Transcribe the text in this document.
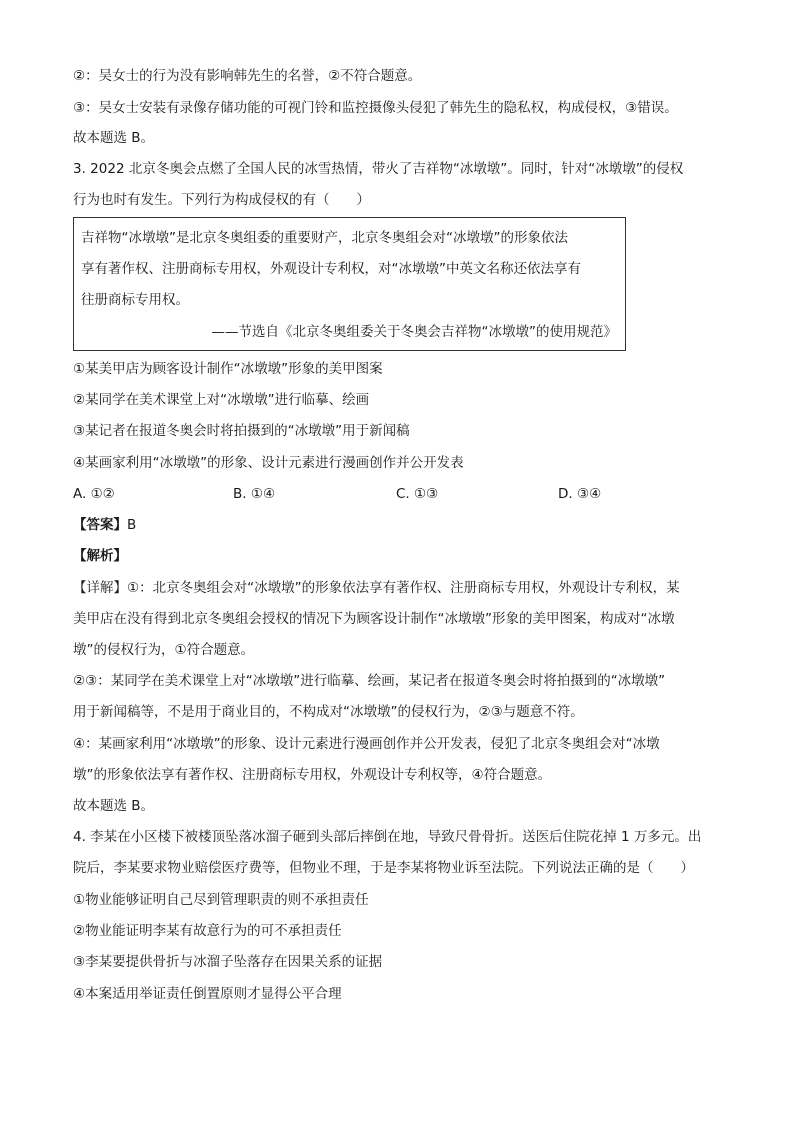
②：吴女士的行为没有影响韩先生的名誉，②不符合题意。
③：吴女士安装有录像存储功能的可视门铃和监控摄像头侵犯了韩先生的隐私权，构成侵权，③错误。
故本题选 B。
3. 2022 北京冬奥会点燃了全国人民的冰雪热情，带火了吉祥物“冰墩墩”。同时，针对“冰墩墩”的侵权
行为也时有发生。下列行为构成侵权的有（　　）
吉祥物“冰墩墩”是北京冬奥组委的重要财产，北京冬奥组会对“冰墩墩”的形象依法
享有著作权、注册商标专用权，外观设计专利权，对“冰墩墩”中英文名称还依法享有
往册商标专用权。
——节选自《北京冬奥组委关于冬奥会吉祥物“冰墩墩”的使用规范》
①某美甲店为顾客设计制作“冰墩墩”形象的美甲图案
②某同学在美术课堂上对“冰墩墩”进行临摹、绘画
③某记者在报道冬奥会时将拍摄到的“冰墩墩”用于新闻稿
④某画家利用“冰墩墩”的形象、设计元素进行漫画创作并公开发表
A. ①②	B. ①④	C. ①③	D. ③④
【答案】B
【解析】
【详解】①：北京冬奥组会对“冰墩墩”的形象依法享有著作权、注册商标专用权，外观设计专利权，某
美甲店在没有得到北京冬奥组会授权的情况下为顾客设计制作“冰墩墩”形象的美甲图案，构成对“冰墩
墩”的侵权行为，①符合题意。
②③：某同学在美术课堂上对“冰墩墩”进行临摹、绘画，某记者在报道冬奥会时将拍摄到的“冰墩墩”
用于新闻稿等，不是用于商业目的，不构成对“冰墩墩”的侵权行为，②③与题意不符。
④：某画家利用“冰墩墩”的形象、设计元素进行漫画创作并公开发表，侵犯了北京冬奥组会对“冰墩
墩”的形象依法享有著作权、注册商标专用权，外观设计专利权等，④符合题意。
故本题选 B。
4. 李某在小区楼下被楼顶坠落冰溜子砸到头部后摔倒在地，导致尺骨骨折。送医后住院花掉 1 万多元。出
院后，李某要求物业赔偿医疗费等，但物业不理，于是李某将物业诉至法院。下列说法正确的是（　　）
①物业能够证明自己尽到管理职责的则不承担责任
②物业能证明李某有故意行为的可不承担责任
③李某要提供骨折与冰溜子坠落存在因果关系的证据
④本案适用举证责任倒置原则才显得公平合理
